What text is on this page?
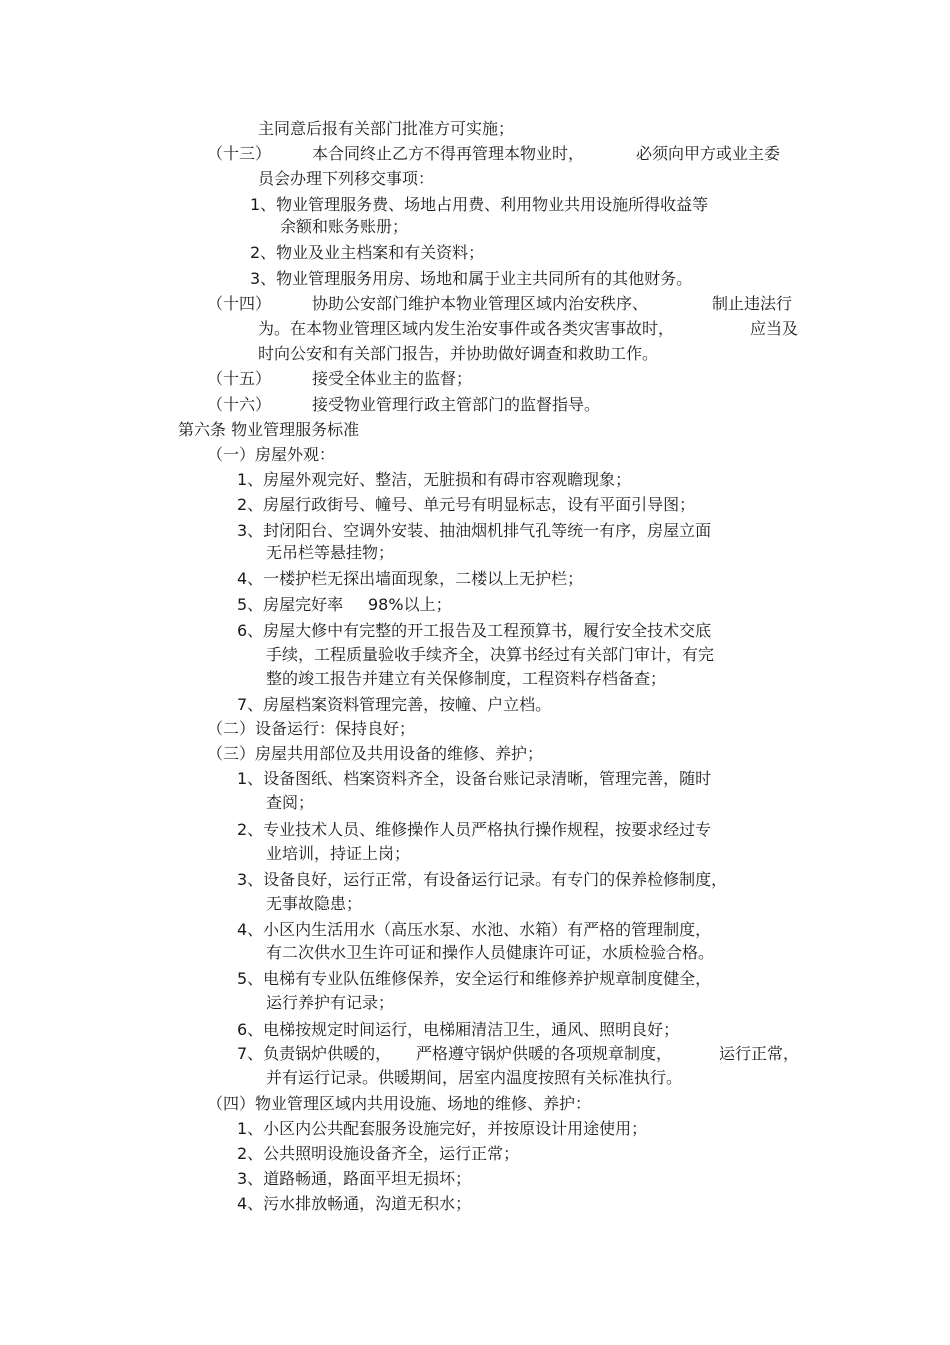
主同意后报有关部门批准方可实施；
（十三）	本合同终止乙方不得再管理本物业时，	必须向甲方或业主委
员会办理下列移交事项：
1、物业管理服务费、场地占用费、利用物业共用设施所得收益等
余额和账务账册；
2、物业及业主档案和有关资料；
3、物业管理服务用房、场地和属于业主共同所有的其他财务。
（十四）	协助公安部门维护本物业管理区域内治安秩序、	制止违法行
为。在本物业管理区域内发生治安事件或各类灾害事故时，	应当及
时向公安和有关部门报告，并协助做好调查和救助工作。
（十五）	接受全体业主的监督；
（十六）	接受物业管理行政主管部门的监督指导。
第六条 物业管理服务标准
（一）房屋外观：
1、房屋外观完好、整洁，无脏损和有碍市容观瞻现象；
2、房屋行政街号、幢号、单元号有明显标志，设有平面引导图；
3、封闭阳台、空调外安装、抽油烟机排气孔等统一有序，房屋立面
无吊栏等悬挂物；
4、一楼护栏无探出墙面现象，二楼以上无护栏；
5、房屋完好率 98%以上；
6、房屋大修中有完整的开工报告及工程预算书，履行安全技术交底
手续，工程质量验收手续齐全，决算书经过有关部门审计，有完
整的竣工报告并建立有关保修制度，工程资料存档备查；
7、房屋档案资料管理完善，按幢、户立档。
（二）设备运行：保持良好；
（三）房屋共用部位及共用设备的维修、养护；
1、设备图纸、档案资料齐全，设备台账记录清晰，管理完善，随时
查阅；
2、专业技术人员、维修操作人员严格执行操作规程，按要求经过专
业培训，持证上岗；
3、设备良好，运行正常，有设备运行记录。有专门的保养检修制度，
无事故隐患；
4、小区内生活用水（高压水泵、水池、水箱）有严格的管理制度，
有二次供水卫生许可证和操作人员健康许可证，水质检验合格。
5、电梯有专业队伍维修保养，安全运行和维修养护规章制度健全，
运行养护有记录；
6、电梯按规定时间运行，电梯厢清洁卫生，通风、照明良好；
7、负责锅炉供暖的， 严格遵守锅炉供暖的各项规章制度，	运行正常，
并有运行记录。供暖期间，居室内温度按照有关标准执行。
（四）物业管理区域内共用设施、场地的维修、养护：
1、小区内公共配套服务设施完好，并按原设计用途使用；
2、公共照明设施设备齐全，运行正常；
3、道路畅通，路面平坦无损坏；
4、污水排放畅通，沟道无积水；
